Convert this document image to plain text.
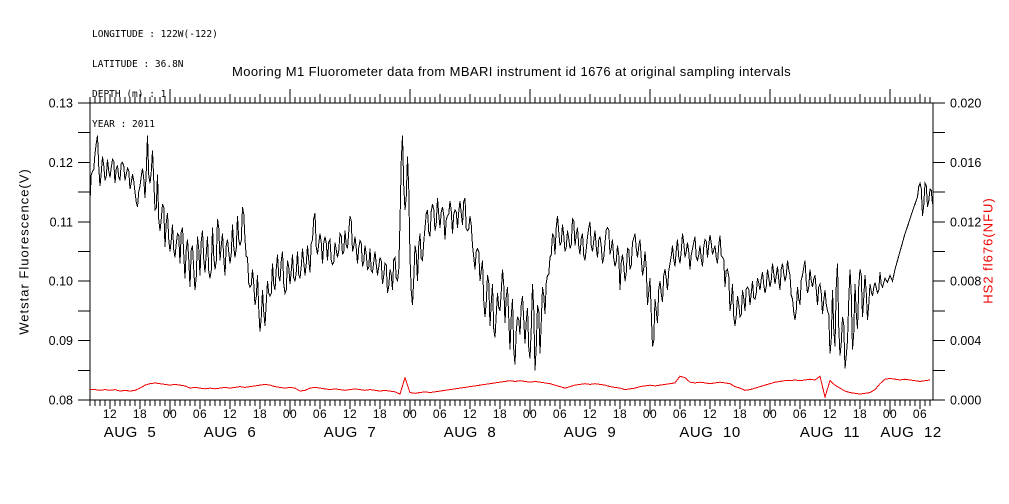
LONGITUDE : 122W(-122)

LATITUDE : 36.8N

DEPTH (m) : 1

YEAR : 2011

Mooring M1 Fluorometer data from MBARI instrument id 1676 at original sampling intervals
Wetstar Fluorescence(V)	HS2 fl676(NFU)
0.08
0.09
0.10
0.11
0.12
0.13
0.000
0.004
0.008
0.012
0.016
0.020
12 18 00 06 12 18 00 06 12 18 00 06 12 18 00 06 12 18 00 06 12 18 00 06 12 18 00 06
AUG 5	AUG 6	AUG 7	AUG 8	AUG 9	AUG 10	AUG 11 AUG 12
